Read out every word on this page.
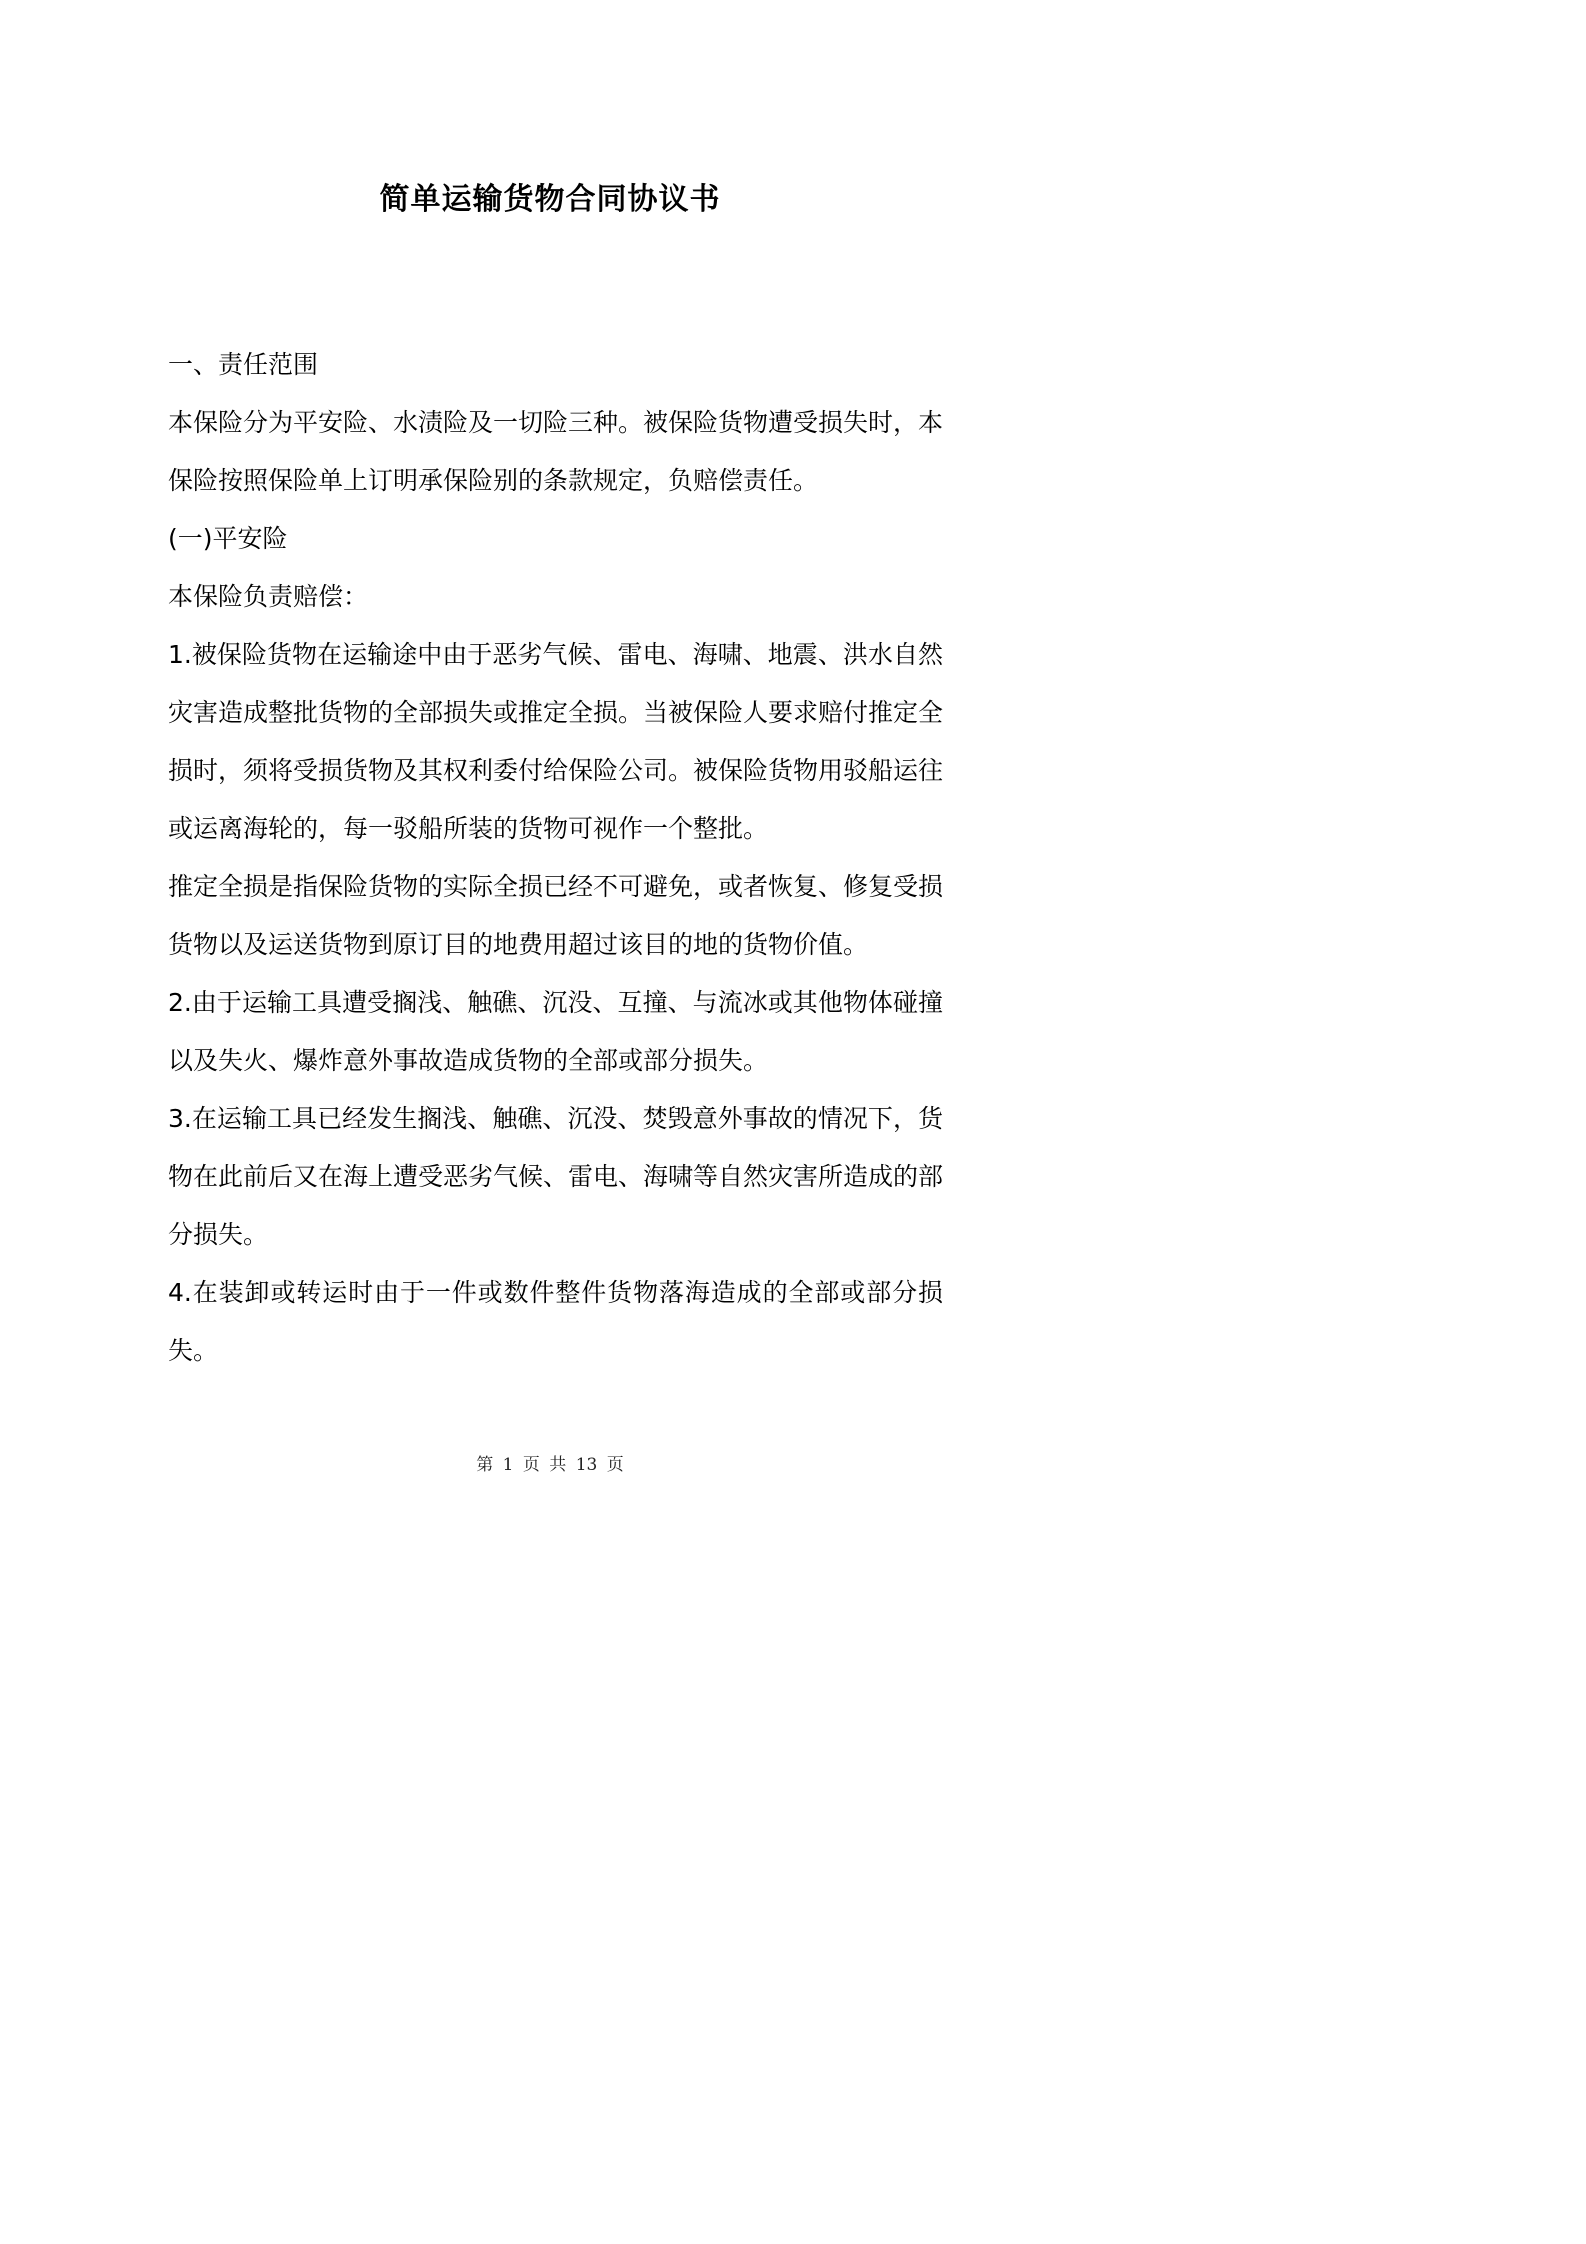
简单运输货物合同协议书

一、责任范围

本保险分为平安险、水渍险及一切险三种。被保险货物遭受损失时，本保险按照保险单上订明承保险别的条款规定，负赔偿责任。

(一)平安险

本保险负责赔偿：

1.被保险货物在运输途中由于恶劣气候、雷电、海啸、地震、洪水自然灾害造成整批货物的全部损失或推定全损。当被保险人要求赔付推定全损时，须将受损货物及其权利委付给保险公司。被保险货物用驳船运往或运离海轮的，每一驳船所装的货物可视作一个整批。

推定全损是指保险货物的实际全损已经不可避免，或者恢复、修复受损货物以及运送货物到原订目的地费用超过该目的地的货物价值。

2.由于运输工具遭受搁浅、触礁、沉没、互撞、与流冰或其他物体碰撞以及失火、爆炸意外事故造成货物的全部或部分损失。

3.在运输工具已经发生搁浅、触礁、沉没、焚毁意外事故的情况下，货物在此前后又在海上遭受恶劣气候、雷电、海啸等自然灾害所造成的部分损失。

4.在装卸或转运时由于一件或数件整件货物落海造成的全部或部分损失。

第 1 页 共 13 页
